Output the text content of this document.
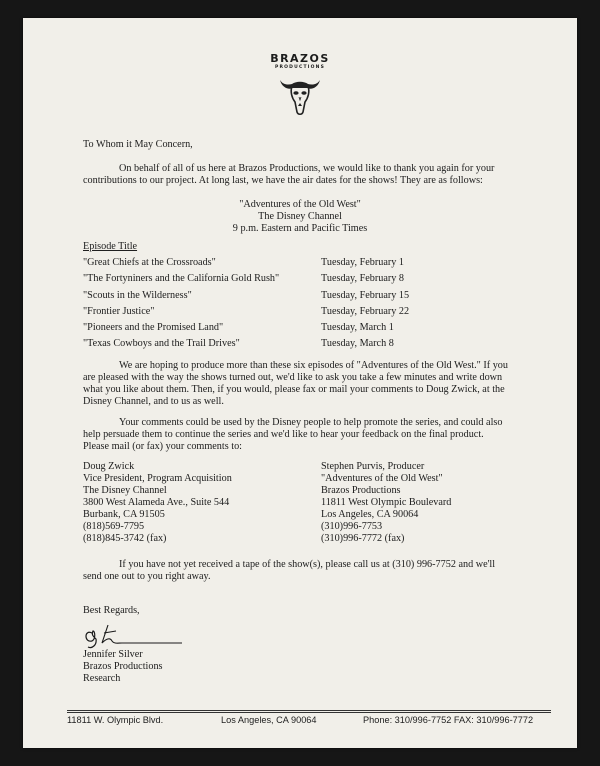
BRAZOS
PRODUCTIONS
To Whom it May Concern,
On behalf of all of us here at Brazos Productions, we would like to thank you again for your
contributions to our project. At long last, we have the air dates for the shows! They are as follows:
"Adventures of the Old West"
The Disney Channel
9 p.m. Eastern and Pacific Times
Episode Title
"Great Chiefs at the Crossroads"	Tuesday, February 1
"The Fortyniners and the California Gold Rush"	Tuesday, February 8
"Scouts in the Wilderness"	Tuesday, February 15
"Frontier Justice"	Tuesday, February 22
"Pioneers and the Promised Land"	Tuesday, March 1
"Texas Cowboys and the Trail Drives"	Tuesday, March 8
We are hoping to produce more than these six episodes of "Adventures of the Old West." If you
are pleased with the way the shows turned out, we'd like to ask you take a few minutes and write down
what you like about them. Then, if you would, please fax or mail your comments to Doug Zwick, at the
Disney Channel, and to us as well.
Your comments could be used by the Disney people to help promote the series, and could also
help persuade them to continue the series and we'd like to hear your feedback on the final product.
Please mail (or fax) your comments to:
Doug Zwick
Vice President, Program Acquisition
The Disney Channel
3800 West Alameda Ave., Suite 544
Burbank, CA 91505
(818)569-7795
(818)845-3742 (fax)
Stephen Purvis, Producer
"Adventures of the Old West"
Brazos Productions
11811 West Olympic Boulevard
Los Angeles, CA 90064
(310)996-7753
(310)996-7772 (fax)
If you have not yet received a tape of the show(s), please call us at (310) 996-7752 and we'll
send one out to you right away.
Best Regards,
Jennifer Silver
Brazos Productions
Research
11811 W. Olympic Blvd.	Los Angeles, CA 90064	Phone: 310/996-7752 FAX: 310/996-7772
